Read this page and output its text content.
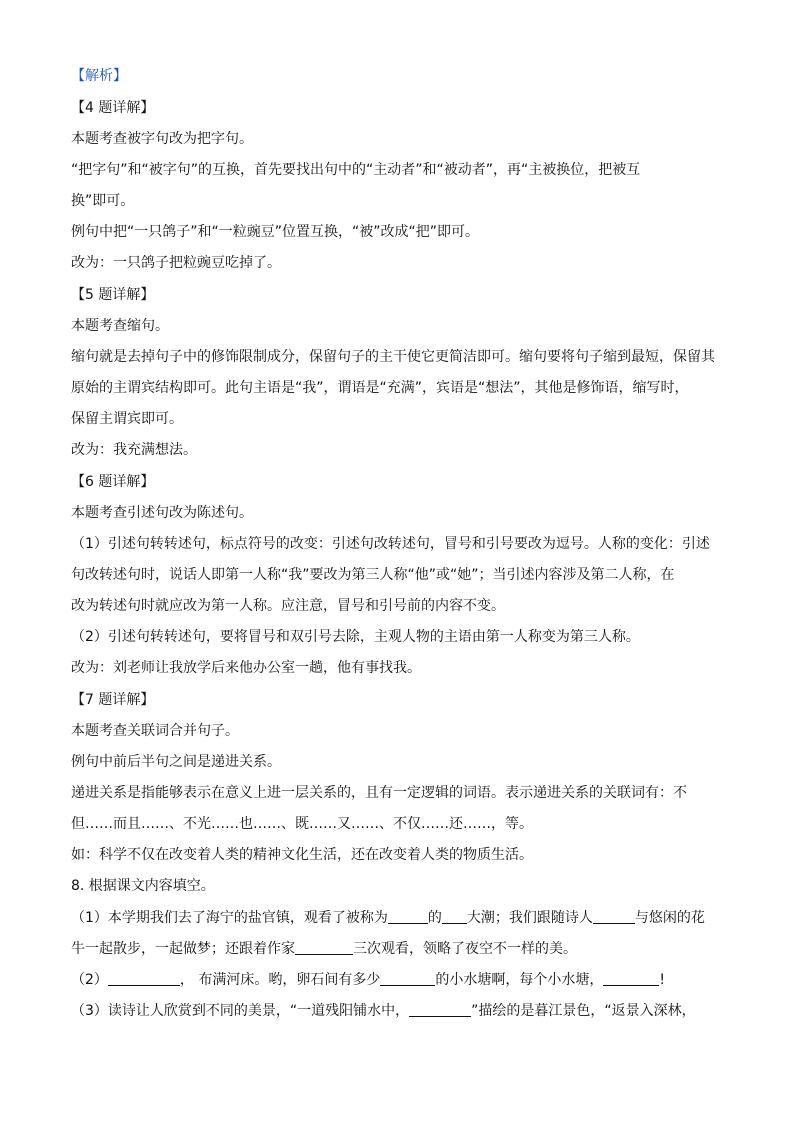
【解析】
【4 题详解】
本题考查被字句改为把字句。
“把字句”和“被字句”的互换，首先要找出句中的“主动者”和“被动者”，再“主被换位，把被互
换”即可。
例句中把“一只鸽子”和“一粒豌豆”位置互换，“被”改成“把”即可。
改为：一只鸽子把粒豌豆吃掉了。
【5 题详解】
本题考查缩句。
缩句就是去掉句子中的修饰限制成分，保留句子的主干使它更简洁即可。缩句要将句子缩到最短，保留其
原始的主谓宾结构即可。此句主语是“我”，谓语是“充满”，宾语是“想法”，其他是修饰语，缩写时，
保留主谓宾即可。
改为：我充满想法。
【6 题详解】
本题考查引述句改为陈述句。
（1）引述句转转述句，标点符号的改变：引述句改转述句，冒号和引号要改为逗号。人称的变化：引述
句改转述句时，说话人即第一人称“我”要改为第三人称“他”或“她”；当引述内容涉及第二人称，在
改为转述句时就应改为第一人称。应注意，冒号和引号前的内容不变。
（2）引述句转转述句，要将冒号和双引号去除，主观人物的主语由第一人称变为第三人称。
改为：刘老师让我放学后来他办公室一趟，他有事找我。
【7 题详解】
本题考查关联词合并句子。
例句中前后半句之间是递进关系。
递进关系是指能够表示在意义上进一层关系的，且有一定逻辑的词语。表示递进关系的关联词有：不
但……而且……、不光……也……、既……又……、不仅……还……，等。
如：科学不仅在改变着人类的精神文化生活，还在改变着人类的物质生活。
8. 根据课文内容填空。
（1）本学期我们去了海宁的盐官镇，观看了被称为	的 大潮；我们跟随诗人	与悠闲的花
牛一起散步，一起做梦；还跟着作家	三次观看，领略了夜空不一样的美。
（2）	， 布满河床。哟，卵石间有多少	的小水塘啊，每个小水塘，	!
（3）读诗让人欣赏到不同的美景，“一道残阳铺水中，	”描绘的是暮江景色，“返景入深林，
